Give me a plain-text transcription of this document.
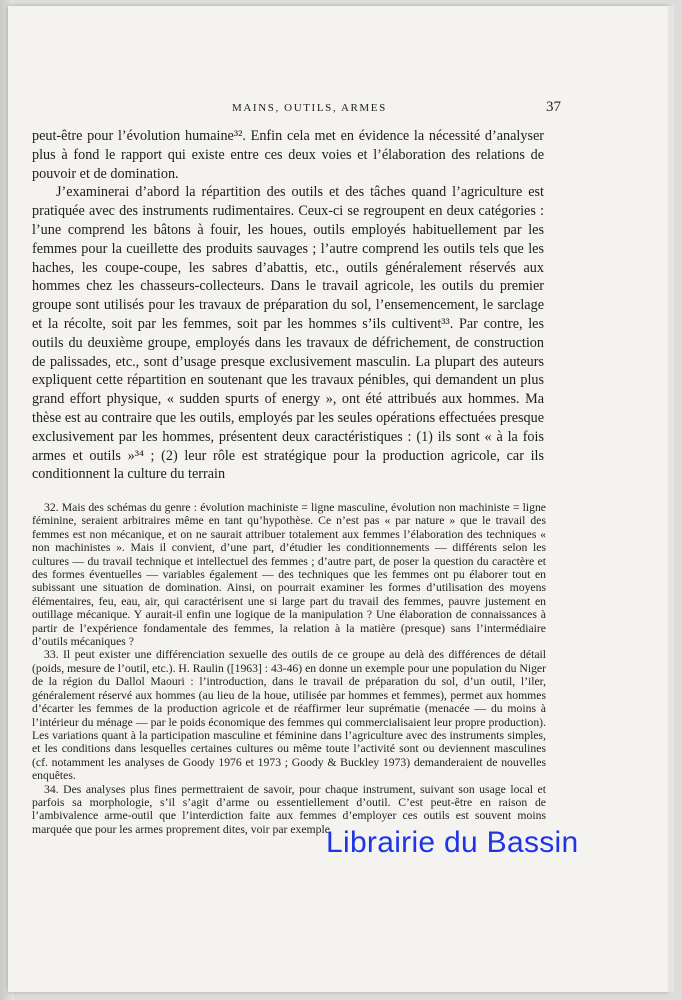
MAINS, OUTILS, ARMES	37

peut-être pour l’évolution humaine³². Enfin cela met en évidence la nécessité d’analyser plus à fond le rapport qui existe entre ces deux voies et l’élaboration des relations de pouvoir et de domination.

J’examinerai d’abord la répartition des outils et des tâches quand l’agriculture est pratiquée avec des instruments rudimentaires. Ceux-ci se regroupent en deux catégories : l’une comprend les bâtons à fouir, les houes, outils employés habituellement par les femmes pour la cueillette des produits sauvages ; l’autre comprend les outils tels que les haches, les coupe-coupe, les sabres d’abattis, etc., outils généralement réservés aux hommes chez les chasseurs-collecteurs. Dans le travail agricole, les outils du premier groupe sont utilisés pour les travaux de préparation du sol, l’ensemencement, le sarclage et la récolte, soit par les femmes, soit par les hommes s’ils cultivent³³. Par contre, les outils du deuxième groupe, employés dans les travaux de défrichement, de construction de palissades, etc., sont d’usage presque exclusivement masculin. La plupart des auteurs expliquent cette répartition en soutenant que les travaux pénibles, qui demandent un plus grand effort physique, « sudden spurts of energy », ont été attribués aux hommes. Ma thèse est au contraire que les outils, employés par les seules opérations effectuées presque exclusivement par les hommes, présentent deux caractéristiques : (1) ils sont « à la fois armes et outils »³⁴ ; (2) leur rôle est stratégique pour la production agricole, car ils conditionnent la culture du terrain

32. Mais des schémas du genre : évolution machiniste = ligne masculine, évolution non machiniste = ligne féminine, seraient arbitraires même en tant qu’hypothèse. Ce n’est pas « par nature » que le travail des femmes est non mécanique, et on ne saurait attribuer totalement aux femmes l’élaboration des techniques « non machinistes ». Mais il convient, d’une part, d’étudier les conditionnements — différents selon les cultures — du travail technique et intellectuel des femmes ; d’autre part, de poser la question du caractère et des formes éventuelles — variables également — des techniques que les femmes ont pu élaborer tout en subissant une situation de domination. Ainsi, on pourrait examiner les formes d’utilisation des moyens élémentaires, feu, eau, air, qui caractérisent une si large part du travail des femmes, pauvre justement en outillage mécanique. Y aurait-il enfin une logique de la manipulation ? Une élaboration de connaissances à partir de l’expérience fondamentale des femmes, la relation à la matière (presque) sans l’intermédiaire d’outils mécaniques ?

33. Il peut exister une différenciation sexuelle des outils de ce groupe au delà des différences de détail (poids, mesure de l’outil, etc.). H. Raulin ([1963] : 43-46) en donne un exemple pour une population du Niger de la région du Dallol Maouri : l’introduction, dans le travail de préparation du sol, d’un outil, l’iler, généralement réservé aux hommes (au lieu de la houe, utilisée par hommes et femmes), permet aux hommes d’écarter les femmes de la production agricole et de réaffirmer leur suprématie (menacée — du moins à l’intérieur du ménage — par le poids économique des femmes qui commercialisaient leur propre production). Les variations quant à la participation masculine et féminine dans l’agriculture avec des instruments simples, et les conditions dans lesquelles certaines cultures ou même toute l’activité sont ou deviennent masculines (cf. notamment les analyses de Goody 1976 et 1973 ; Goody & Buckley 1973) demanderaient de nouvelles enquêtes.

34. Des analyses plus fines permettraient de savoir, pour chaque instrument, suivant son usage local et parfois sa morphologie, s’il s’agit d’arme ou essentiellement d’outil. C’est peut-être en raison de l’ambivalence arme-outil que l’interdiction faite aux femmes d’employer ces outils est souvent moins marquée que pour les armes proprement dites, voir par exemple

Librairie du Bassin
